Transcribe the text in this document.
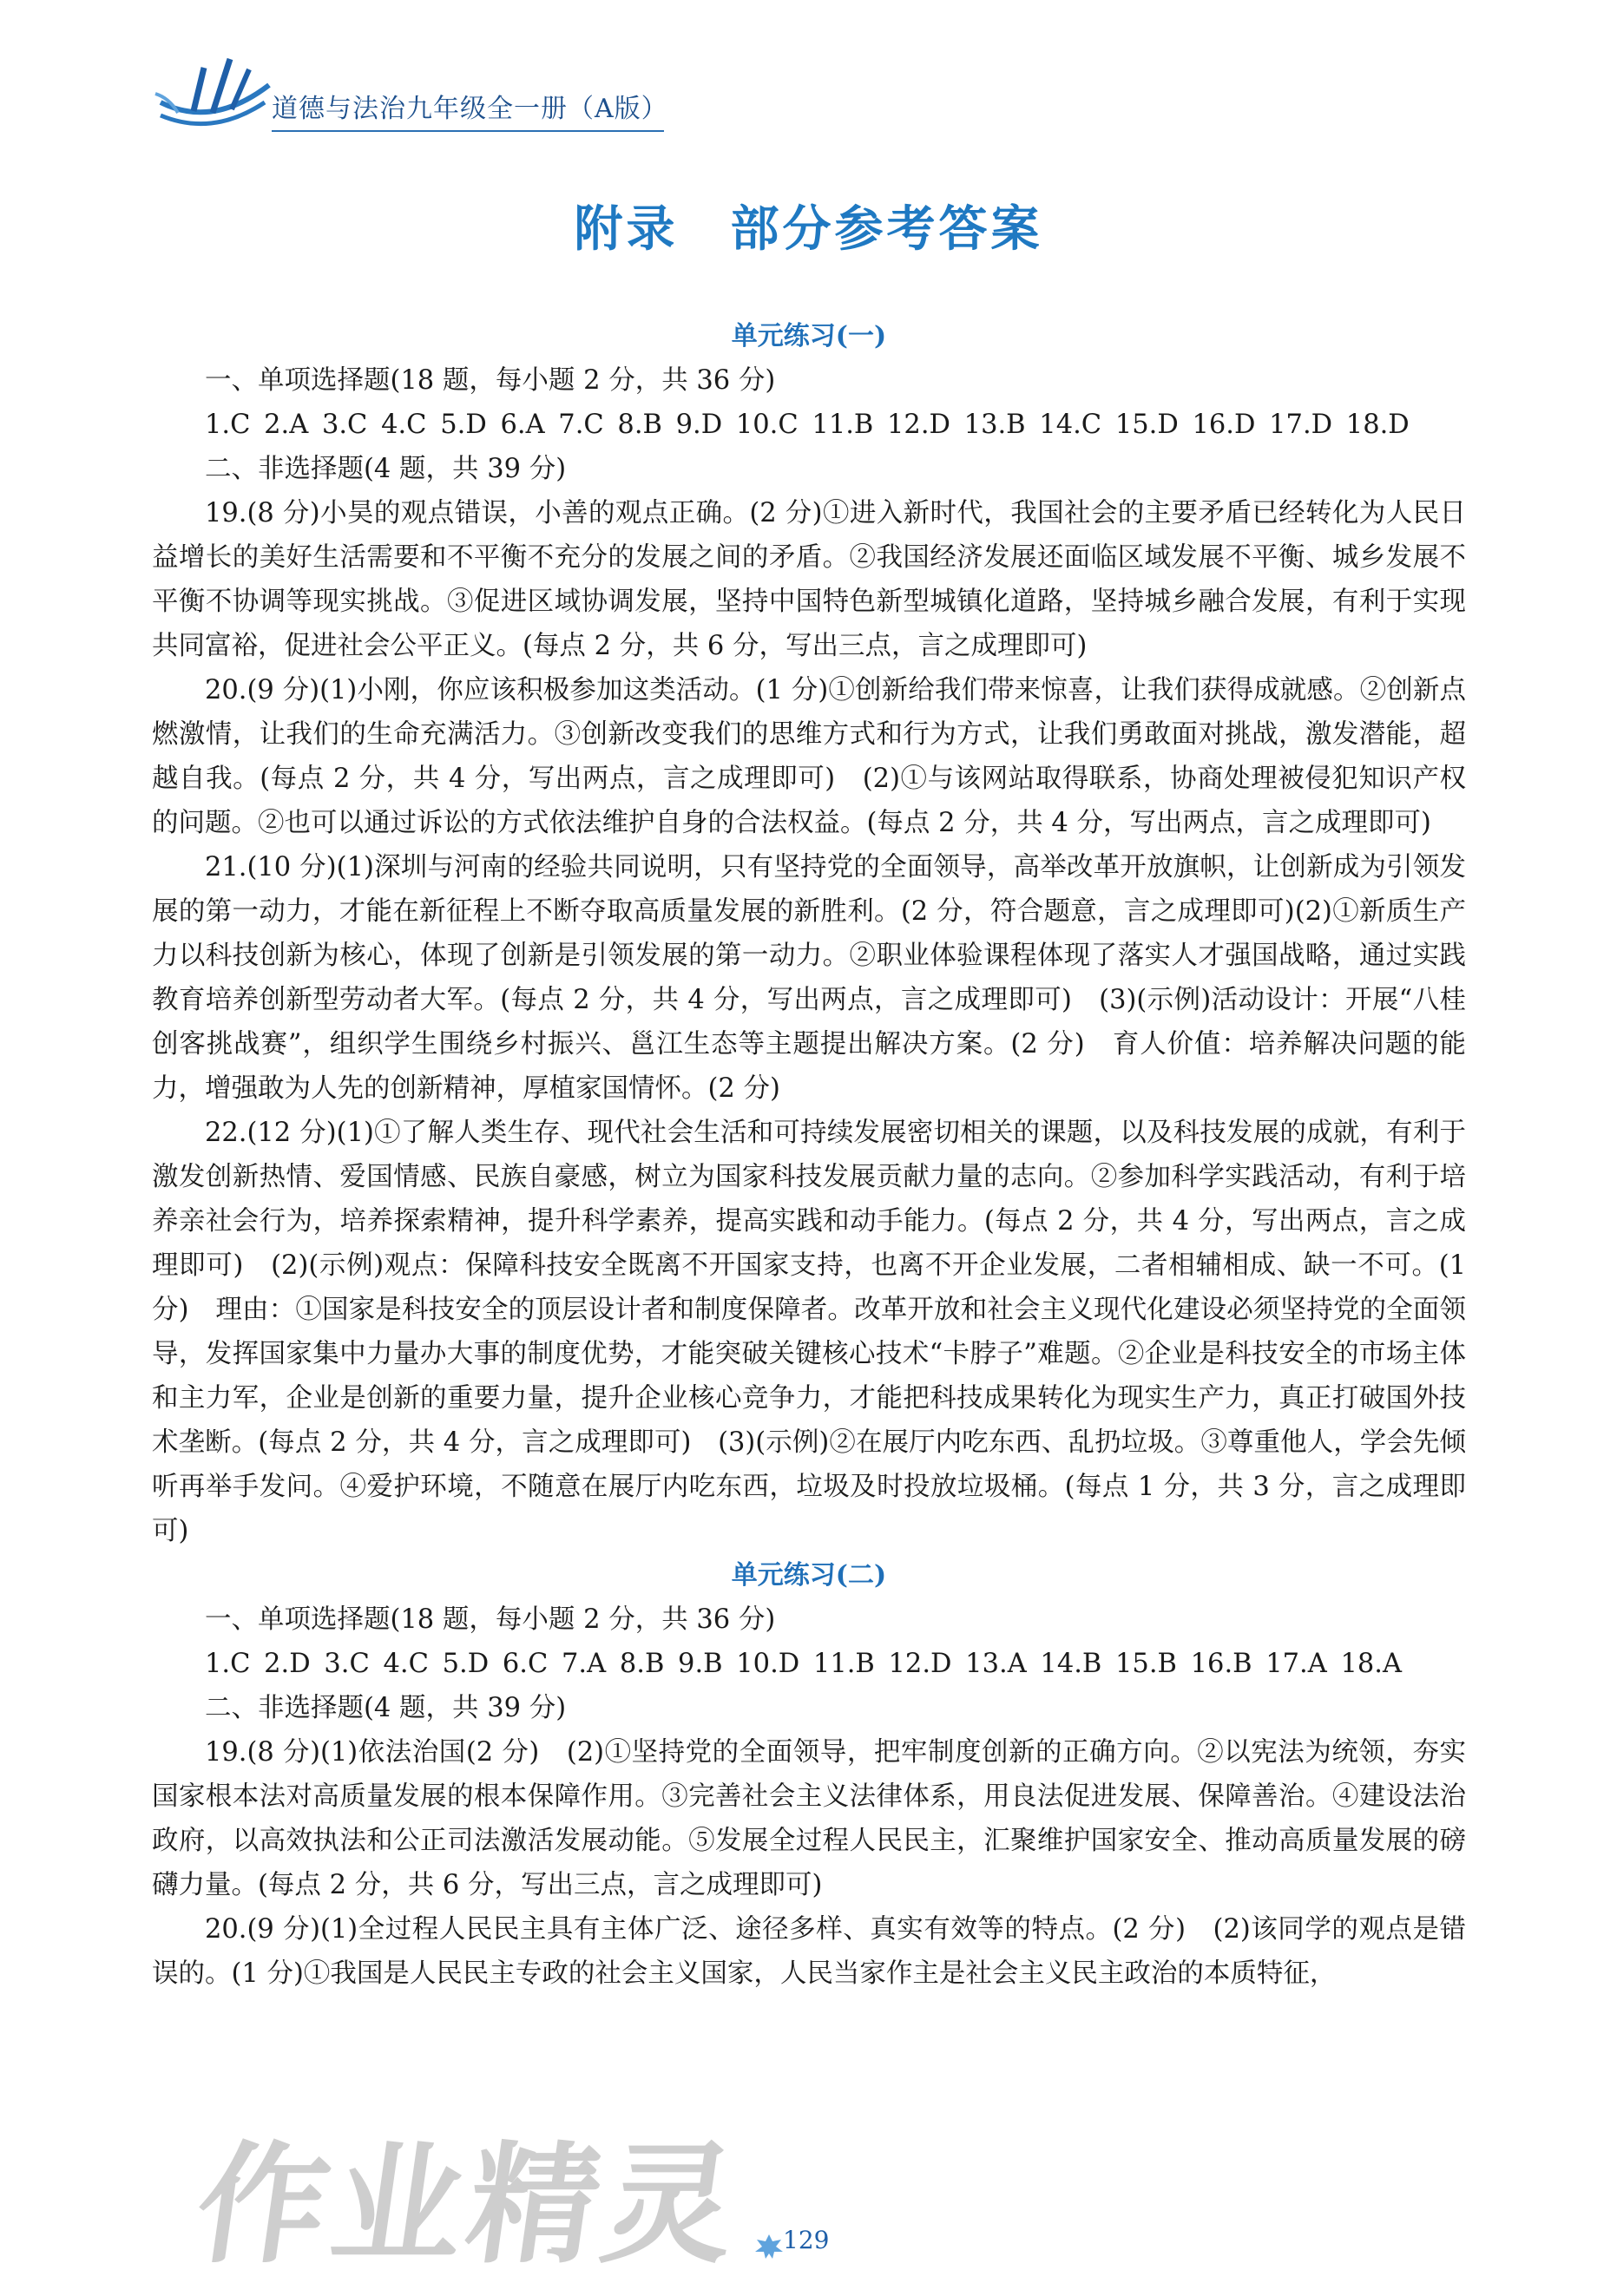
道德与法治九年级全一册（A版）
附录　部分参考答案
单元练习(一)
一、单项选择题(18 题，每小题 2 分，共 36 分)
1.C 2.A 3.C 4.C 5.D 6.A 7.C 8.B 9.D 10.C 11.B 12.D 13.B 14.C 15.D 16.D 17.D 18.D
二、非选择题(4 题，共 39 分)
19.(8 分)小昊的观点错误，小善的观点正确。(2 分)①进入新时代，我国社会的主要矛盾已经转化为人民日益增长的美好生活需要和不平衡不充分的发展之间的矛盾。②我国经济发展还面临区域发展不平衡、城乡发展不平衡不协调等现实挑战。③促进区域协调发展，坚持中国特色新型城镇化道路，坚持城乡融合发展，有利于实现共同富裕，促进社会公平正义。(每点 2 分，共 6 分，写出三点，言之成理即可)
20.(9 分)(1)小刚，你应该积极参加这类活动。(1 分)①创新给我们带来惊喜，让我们获得成就感。②创新点燃激情，让我们的生命充满活力。③创新改变我们的思维方式和行为方式，让我们勇敢面对挑战，激发潜能，超越自我。(每点 2 分，共 4 分，写出两点，言之成理即可)　(2)①与该网站取得联系，协商处理被侵犯知识产权的问题。②也可以通过诉讼的方式依法维护自身的合法权益。(每点 2 分，共 4 分，写出两点，言之成理即可)
21.(10 分)(1)深圳与河南的经验共同说明，只有坚持党的全面领导，高举改革开放旗帜，让创新成为引领发展的第一动力，才能在新征程上不断夺取高质量发展的新胜利。(2 分，符合题意，言之成理即可)(2)①新质生产力以科技创新为核心，体现了创新是引领发展的第一动力。②职业体验课程体现了落实人才强国战略，通过实践教育培养创新型劳动者大军。(每点 2 分，共 4 分，写出两点，言之成理即可)　(3)(示例)活动设计：开展“八桂创客挑战赛”，组织学生围绕乡村振兴、邕江生态等主题提出解决方案。(2 分)　育人价值：培养解决问题的能力，增强敢为人先的创新精神，厚植家国情怀。(2 分)
22.(12 分)(1)①了解人类生存、现代社会生活和可持续发展密切相关的课题，以及科技发展的成就，有利于激发创新热情、爱国情感、民族自豪感，树立为国家科技发展贡献力量的志向。②参加科学实践活动，有利于培养亲社会行为，培养探索精神，提升科学素养，提高实践和动手能力。(每点 2 分，共 4 分，写出两点，言之成理即可)　(2)(示例)观点：保障科技安全既离不开国家支持，也离不开企业发展，二者相辅相成、缺一不可。(1 分)　理由：①国家是科技安全的顶层设计者和制度保障者。改革开放和社会主义现代化建设必须坚持党的全面领导，发挥国家集中力量办大事的制度优势，才能突破关键核心技术“卡脖子”难题。②企业是科技安全的市场主体和主力军，企业是创新的重要力量，提升企业核心竞争力，才能把科技成果转化为现实生产力，真正打破国外技术垄断。(每点 2 分，共 4 分，言之成理即可)　(3)(示例)②在展厅内吃东西、乱扔垃圾。③尊重他人，学会先倾听再举手发问。④爱护环境，不随意在展厅内吃东西，垃圾及时投放垃圾桶。(每点 1 分，共 3 分，言之成理即可)
单元练习(二)
一、单项选择题(18 题，每小题 2 分，共 36 分)
1.C 2.D 3.C 4.C 5.D 6.C 7.A 8.B 9.B 10.D 11.B 12.D 13.A 14.B 15.B 16.B 17.A 18.A
二、非选择题(4 题，共 39 分)
19.(8 分)(1)依法治国(2 分)　(2)①坚持党的全面领导，把牢制度创新的正确方向。②以宪法为统领，夯实国家根本法对高质量发展的根本保障作用。③完善社会主义法律体系，用良法促进发展、保障善治。④建设法治政府，以高效执法和公正司法激活发展动能。⑤发展全过程人民民主，汇聚维护国家安全、推动高质量发展的磅礴力量。(每点 2 分，共 6 分，写出三点，言之成理即可)
20.(9 分)(1)全过程人民民主具有主体广泛、途径多样、真实有效等的特点。(2 分)　(2)该同学的观点是错误的。(1 分)①我国是人民民主专政的社会主义国家，人民当家作主是社会主义民主政治的本质特征，
作业精灵 129
